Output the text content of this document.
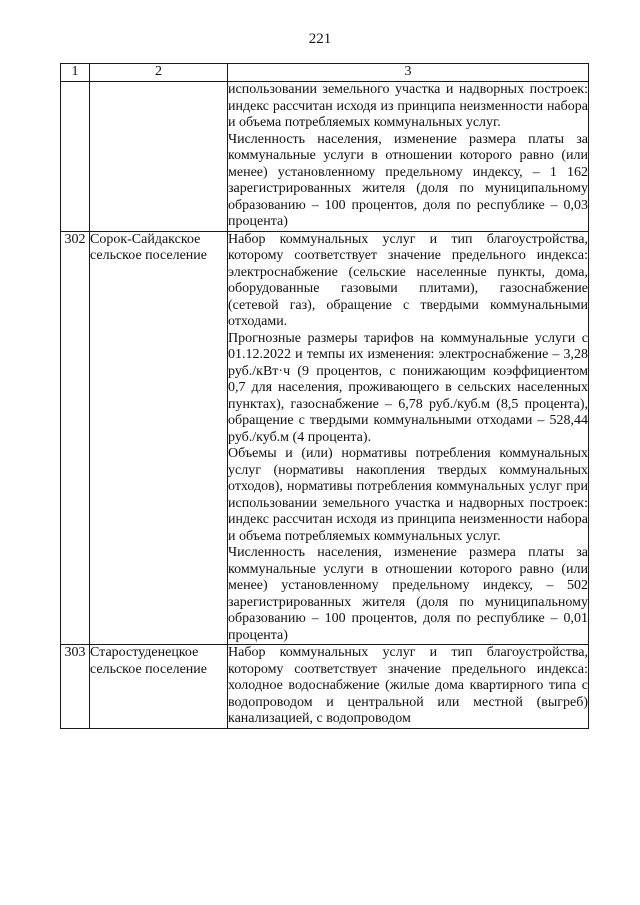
221
1	2	3

		использовании земельного участка и надворных построек: индекс рассчитан исходя из принципа неизменности набора и объема потребляемых коммунальных услуг.

Численность населения, изменение размера платы за коммунальные услуги в отношении которого равно (или менее) установленному предельному индексу, – 1 162 зарегистрированных жителя (доля по муниципальному образованию – 100 процентов, доля по республике – 0,03 процента)

302	Сорок-Сайдакское сельское поселение	Набор коммунальных услуг и тип благоустройства, которому соответствует значение предельного индекса: электроснабжение (сельские населенные пункты, дома, оборудованные газовыми плитами), газоснабжение (сетевой газ), обращение с твердыми коммунальными отходами.

Прогнозные размеры тарифов на коммунальные услуги с 01.12.2022 и темпы их изменения: электроснабжение – 3,28 руб./кВт·ч (9 процентов, с понижающим коэффициентом 0,7 для населения, проживающего в сельских населенных пунктах), газоснабжение – 6,78 руб./куб.м (8,5 процента), обращение с твердыми коммунальными отходами – 528,44 руб./куб.м (4 процента).

Объемы и (или) нормативы потребления коммунальных услуг (нормативы накопления твердых коммунальных отходов), нормативы потребления коммунальных услуг при использовании земельного участка и надворных построек: индекс рассчитан исходя из принципа неизменности набора и объема потребляемых коммунальных услуг.

Численность населения, изменение размера платы за коммунальные услуги в отношении которого равно (или менее) установленному предельному индексу, – 502 зарегистрированных жителя (доля по муниципальному образованию – 100 процентов, доля по республике – 0,01 процента)

303	Старостуденецкое сельское поселение	Набор коммунальных услуг и тип благоустройства, которому соответствует значение предельного индекса: холодное водоснабжение (жилые дома квартирного типа с водопроводом и центральной или местной (выгреб) канализацией, с водопроводом
